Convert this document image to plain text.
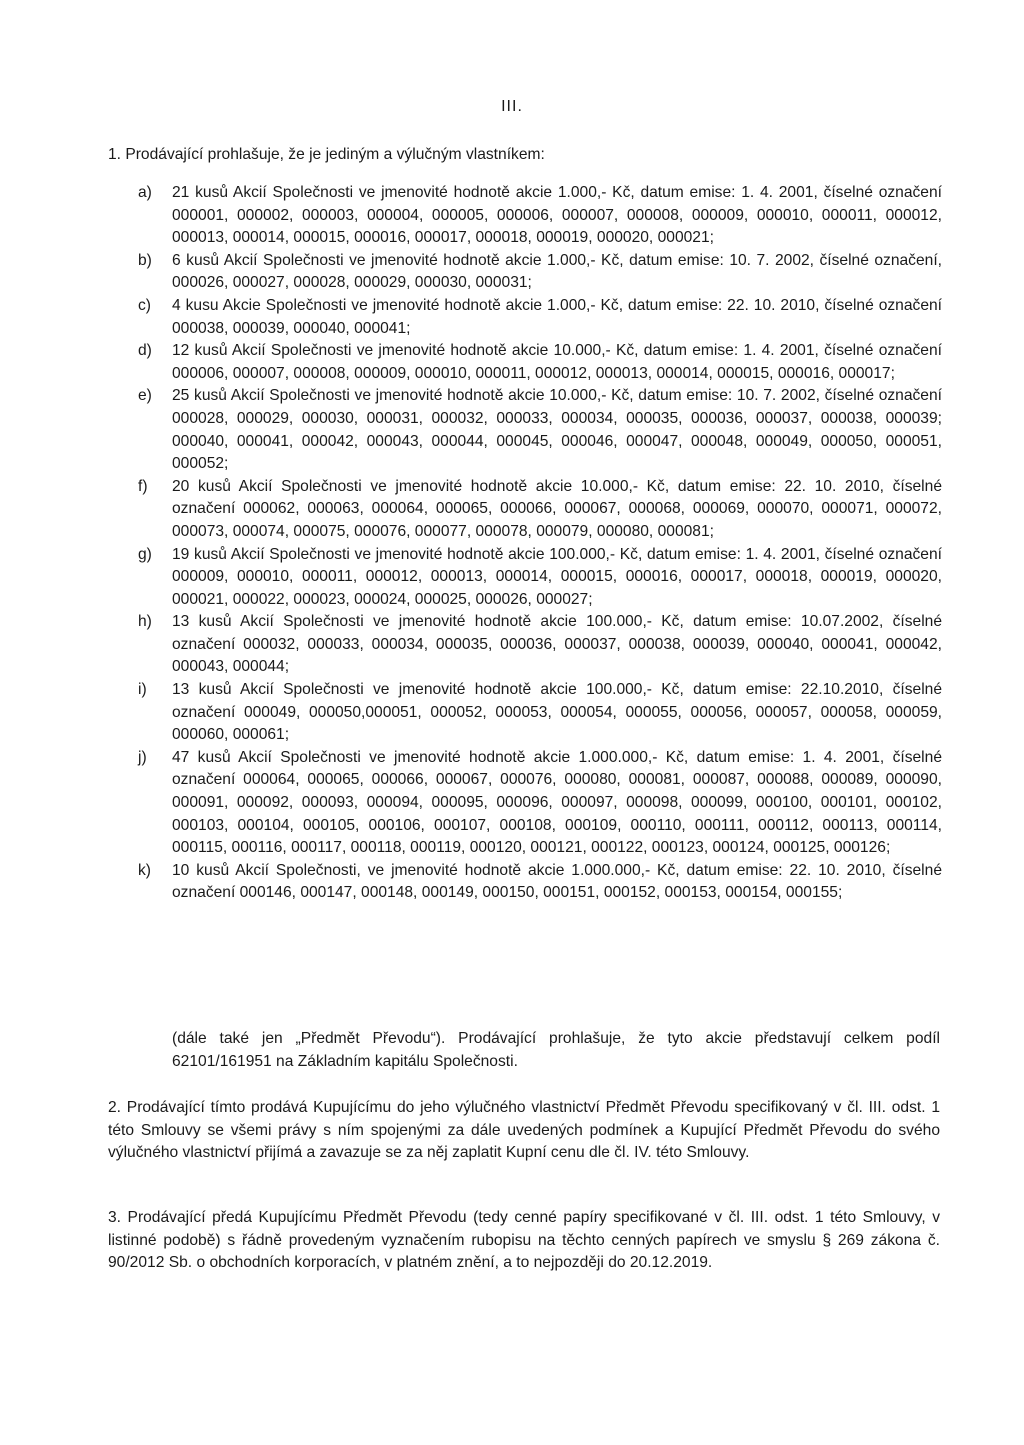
III.
1. Prodávající prohlašuje, že je jediným a výlučným vlastníkem:
a)	21 kusů Akcií Společnosti ve jmenovité hodnotě akcie 1.000,- Kč, datum emise: 1. 4. 2001, číselné označení 000001, 000002, 000003, 000004, 000005, 000006, 000007, 000008, 000009, 000010, 000011, 000012, 000013, 000014, 000015, 000016, 000017, 000018, 000019, 000020, 000021;
b)	6 kusů Akcií Společnosti ve jmenovité hodnotě akcie 1.000,- Kč, datum emise: 10. 7. 2002, číselné označení, 000026, 000027, 000028, 000029, 000030, 000031;
c)	4 kusu Akcie Společnosti ve jmenovité hodnotě akcie 1.000,- Kč, datum emise: 22. 10. 2010, číselné označení 000038, 000039, 000040, 000041;
d)	12 kusů Akcií Společnosti ve jmenovité hodnotě akcie 10.000,- Kč, datum emise: 1. 4. 2001, číselné označení 000006, 000007, 000008, 000009, 000010, 000011, 000012, 000013, 000014, 000015, 000016, 000017;
e)	25 kusů Akcií Společnosti ve jmenovité hodnotě akcie 10.000,- Kč, datum emise: 10. 7. 2002, číselné označení 000028, 000029, 000030, 000031, 000032, 000033, 000034, 000035, 000036, 000037, 000038, 000039; 000040, 000041, 000042, 000043, 000044, 000045, 000046, 000047, 000048, 000049, 000050, 000051, 000052;
f)	20 kusů Akcií Společnosti ve jmenovité hodnotě akcie 10.000,- Kč, datum emise: 22. 10. 2010, číselné označení 000062, 000063, 000064, 000065, 000066, 000067, 000068, 000069, 000070, 000071, 000072, 000073, 000074, 000075, 000076, 000077, 000078, 000079, 000080, 000081;
g)	19 kusů Akcií Společnosti ve jmenovité hodnotě akcie 100.000,- Kč, datum emise: 1. 4. 2001, číselné označení 000009, 000010, 000011, 000012, 000013, 000014, 000015, 000016, 000017, 000018, 000019, 000020, 000021, 000022, 000023, 000024, 000025, 000026, 000027;
h)	13 kusů Akcií Společnosti ve jmenovité hodnotě akcie 100.000,- Kč, datum emise: 10.07.2002, číselné označení 000032, 000033, 000034, 000035, 000036, 000037, 000038, 000039, 000040, 000041, 000042, 000043, 000044;
i)	13 kusů Akcií Společnosti ve jmenovité hodnotě akcie 100.000,- Kč, datum emise: 22.10.2010, číselné označení 000049, 000050,000051, 000052, 000053, 000054, 000055, 000056, 000057, 000058, 000059, 000060, 000061;
j)	47 kusů Akcií Společnosti ve jmenovité hodnotě akcie 1.000.000,- Kč, datum emise: 1. 4. 2001, číselné označení 000064, 000065, 000066, 000067, 000076, 000080, 000081, 000087, 000088, 000089, 000090, 000091, 000092, 000093, 000094, 000095, 000096, 000097, 000098, 000099, 000100, 000101, 000102, 000103, 000104, 000105, 000106, 000107, 000108, 000109, 000110, 000111, 000112, 000113, 000114, 000115, 000116, 000117, 000118, 000119, 000120, 000121, 000122, 000123, 000124, 000125, 000126;
k)	10 kusů Akcií Společnosti, ve jmenovité hodnotě akcie 1.000.000,- Kč, datum emise: 22. 10. 2010, číselné označení 000146, 000147, 000148, 000149, 000150, 000151, 000152, 000153, 000154, 000155;
(dále také jen „Předmět Převodu“). Prodávající prohlašuje, že tyto akcie představují celkem podíl 62101/161951 na Základním kapitálu Společnosti.
2. Prodávající tímto prodává Kupujícímu do jeho výlučného vlastnictví Předmět Převodu specifikovaný v čl. III. odst. 1 této Smlouvy se všemi právy s ním spojenými za dále uvedených podmínek a Kupující Předmět Převodu do svého výlučného vlastnictví přijímá a zavazuje se za něj zaplatit Kupní cenu dle čl. IV. této Smlouvy.
3. Prodávající předá Kupujícímu Předmět Převodu (tedy cenné papíry specifikované v čl. III. odst. 1 této Smlouvy, v listinné podobě) s řádně provedeným vyznačením rubopisu na těchto cenných papírech ve smyslu § 269 zákona č. 90/2012 Sb. o obchodních korporacích, v platném znění, a to nejpozději do 20.12.2019.
